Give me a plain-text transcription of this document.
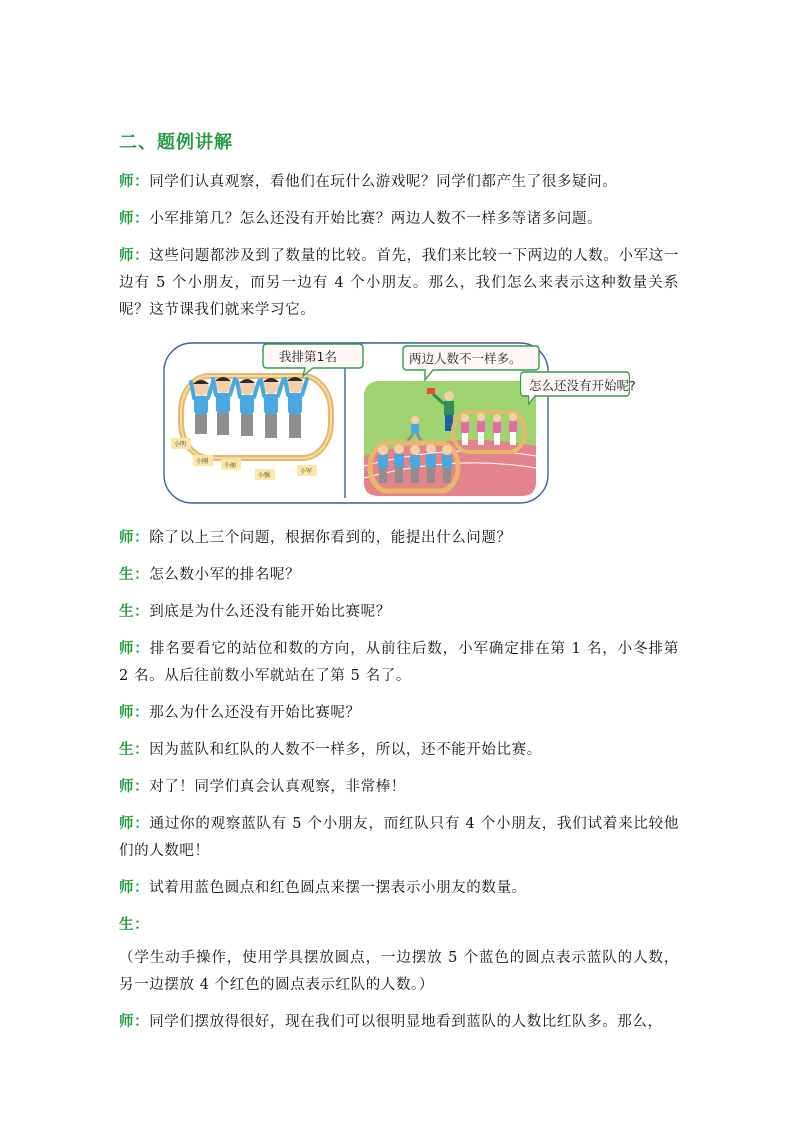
二、题例讲解

师：同学们认真观察，看他们在玩什么游戏呢？同学们都产生了很多疑问。

师：小军排第几？怎么还没有开始比赛？两边人数不一样多等诸多问题。

师：这些问题都涉及到了数量的比较。首先，我们来比较一下两边的人数。小军这一边有 5 个小朋友，而另一边有 4 个小朋友。那么，我们怎么来表示这种数量关系呢？这节课我们就来学习它。

小明
小刚
小丽
小强
小军
我排第1名	两边人数不一样多。
怎么还没有开始呢?

师：除了以上三个问题，根据你看到的，能提出什么问题？

生：怎么数小军的排名呢？

生：到底是为什么还没有能开始比赛呢？

师：排名要看它的站位和数的方向，从前往后数，小军确定排在第 1 名，小冬排第 2 名。从后往前数小军就站在了第 5 名了。

师：那么为什么还没有开始比赛呢？

生：因为蓝队和红队的人数不一样多，所以，还不能开始比赛。

师：对了！同学们真会认真观察，非常棒！

师：通过你的观察蓝队有 5 个小朋友，而红队只有 4 个小朋友，我们试着来比较他们的人数吧！

师：试着用蓝色圆点和红色圆点来摆一摆表示小朋友的数量。

生：

（学生动手操作，使用学具摆放圆点，一边摆放 5 个蓝色的圆点表示蓝队的人数，另一边摆放 4 个红色的圆点表示红队的人数。）

师：同学们摆放得很好，现在我们可以很明显地看到蓝队的人数比红队多。那么，
